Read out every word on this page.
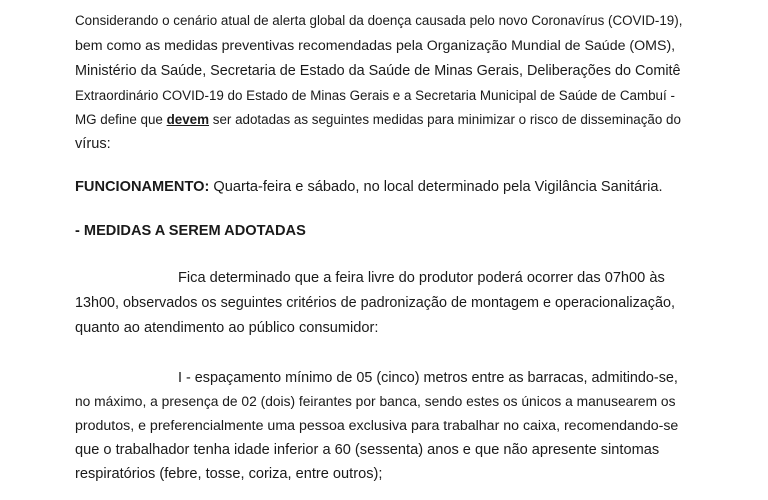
Considerando o cenário atual de alerta global da doença causada pelo novo Coronavírus (COVID-19),
bem como as medidas preventivas recomendadas pela Organização Mundial de Saúde (OMS),
Ministério da Saúde, Secretaria de Estado da Saúde de Minas Gerais, Deliberações do Comitê
Extraordinário COVID-19 do Estado de Minas Gerais e a Secretaria Municipal de Saúde de Cambuí -
MG define que devem ser adotadas as seguintes medidas para minimizar o risco de disseminação do
vírus:
FUNCIONAMENTO: Quarta-feira e sábado, no local determinado pela Vigilância Sanitária.
- MEDIDAS A SEREM ADOTADAS
Fica determinado que a feira livre do produtor poderá ocorrer das 07h00 às
13h00, observados os seguintes critérios de padronização de montagem e operacionalização,
quanto ao atendimento ao público consumidor:
I - espaçamento mínimo de 05 (cinco) metros entre as barracas, admitindo-se,
no máximo, a presença de 02 (dois) feirantes por banca, sendo estes os únicos a manusearem os
produtos, e preferencialmente uma pessoa exclusiva para trabalhar no caixa, recomendando-se
que o trabalhador tenha idade inferior a 60 (sessenta) anos e que não apresente sintomas
respiratórios (febre, tosse, coriza, entre outros);
